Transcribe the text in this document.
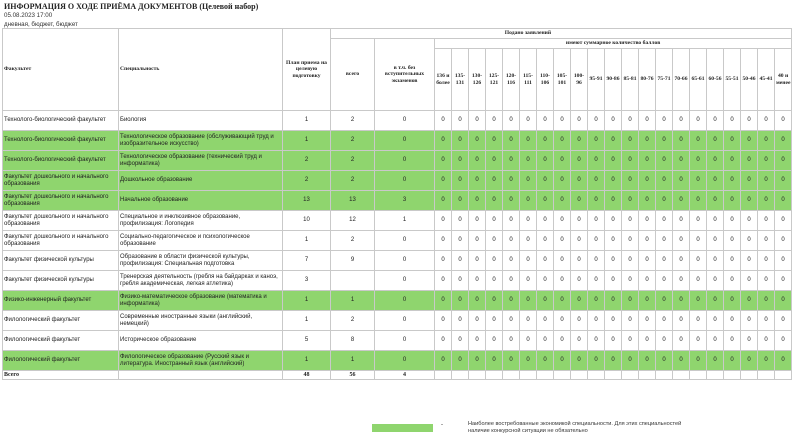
ИНФОРМАЦИЯ О ХОДЕ ПРИЁМА ДОКУМЕНТОВ (Целевой набор)
05.08.2023 17:00
дневная, бюджет, бюджет
Факультет	Специальность	План приема на целевую подготовку	Подано заявлений																						
			всего	в т.ч. без вступительных экзаменов	имеют суммарное количество баллов																				
					136 и более	135-131	130-126	125-121	120-116	115-111	110-106	105-101	100-96	95-91	90-86	85-81	80-76	75-71	70-66	65-61	60-56	55-51	50-46	45-41	40 и менее
Технолого-биологический факультет	Биология	1	2	0	0	0	0	0	0	0	0	0	0	0	0	0	0	0	0	0	0	0	0	0	0
Технолого-биологический факультет	Технологическое образование (обслуживающий труд и изобразительное искусство)	1	2	0	0	0	0	0	0	0	0	0	0	0	0	0	0	0	0	0	0	0	0	0	0
Технолого-биологический факультет	Технологическое образование (технический труд и информатика)	2	2	0	0	0	0	0	0	0	0	0	0	0	0	0	0	0	0	0	0	0	0	0	0
Факультет дошкольного и начального образования	Дошкольное образование	2	2	0	0	0	0	0	0	0	0	0	0	0	0	0	0	0	0	0	0	0	0	0	0
Факультет дошкольного и начального образования	Начальное образование	13	13	3	0	0	0	0	0	0	0	0	0	0	0	0	0	0	0	0	0	0	0	0	0
Факультет дошкольного и начального образования	Специальное и инклюзивное образование, профилизация: Логопедия	10	12	1	0	0	0	0	0	0	0	0	0	0	0	0	0	0	0	0	0	0	0	0	0
Факультет дошкольного и начального образования	Социально-педагогическое и психологическое образование	1	2	0	0	0	0	0	0	0	0	0	0	0	0	0	0	0	0	0	0	0	0	0	0
Факультет физической культуры	Образование в области физической культуры, профилизация: Специальная подготовка	7	9	0	0	0	0	0	0	0	0	0	0	0	0	0	0	0	0	0	0	0	0	0	0
Факультет физической культуры	Тренерская деятельность (гребля на байдарках и каноэ, гребля академическая, легкая атлетика)	3		0	0	0	0	0	0	0	0	0	0	0	0	0	0	0	0	0	0	0	0	0	0
Физико-инженерный факультет	Физико-математическое образование (математика и информатика)	1	1	0	0	0	0	0	0	0	0	0	0	0	0	0	0	0	0	0	0	0	0	0	0
Филологический факультет	Современные иностранные языки (английский, немецкий)	1	2	0	0	0	0	0	0	0	0	0	0	0	0	0	0	0	0	0	0	0	0	0	0
Филологический факультет	Историческое образование	5	8	0	0	0	0	0	0	0	0	0	0	0	0	0	0	0	0	0	0	0	0	0	0
Филологический факультет	Филологическое образование (Русский язык и литература. Иностранный язык (английский)	1	1	0	0	0	0	0	0	0	0	0	0	0	0	0	0	0	0	0	0	0	0	0	0
Всего		48	56	4																					
-	Наиболее востребованные экономикой специальности. Для этих специальностей наличие конкурсной ситуации не обязательно
